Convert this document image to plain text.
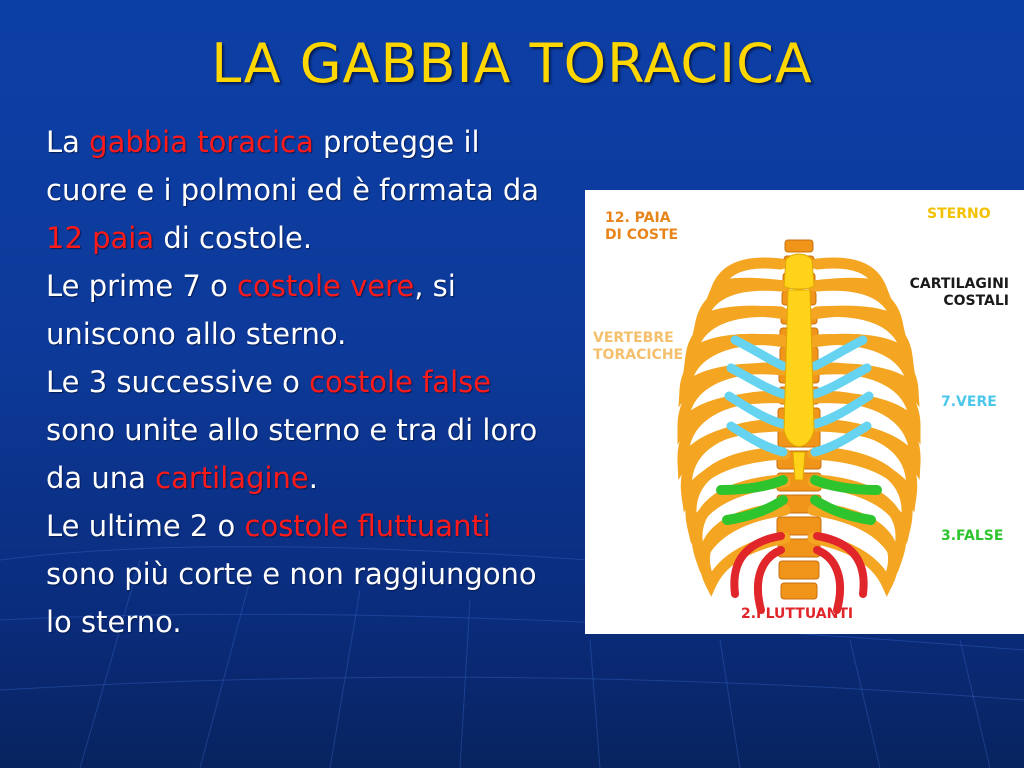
LA GABBIA TORACICA
La gabbia toracica protegge il cuore e i polmoni ed è formata da 12 paia di costole.
Le prime 7 o costole vere, si uniscono allo sterno.
Le 3 successive o costole false sono unite allo sterno e tra di loro da una cartilagine.
Le ultime 2 o costole fluttuanti sono più corte e non raggiungono lo sterno.
12. PAIA
DI COSTE
STERNO
CARTILAGINI
COSTALI
VERTEBRE
TORACICHE
7.VERE
3.FALSE
2.FLUTTUANTI
